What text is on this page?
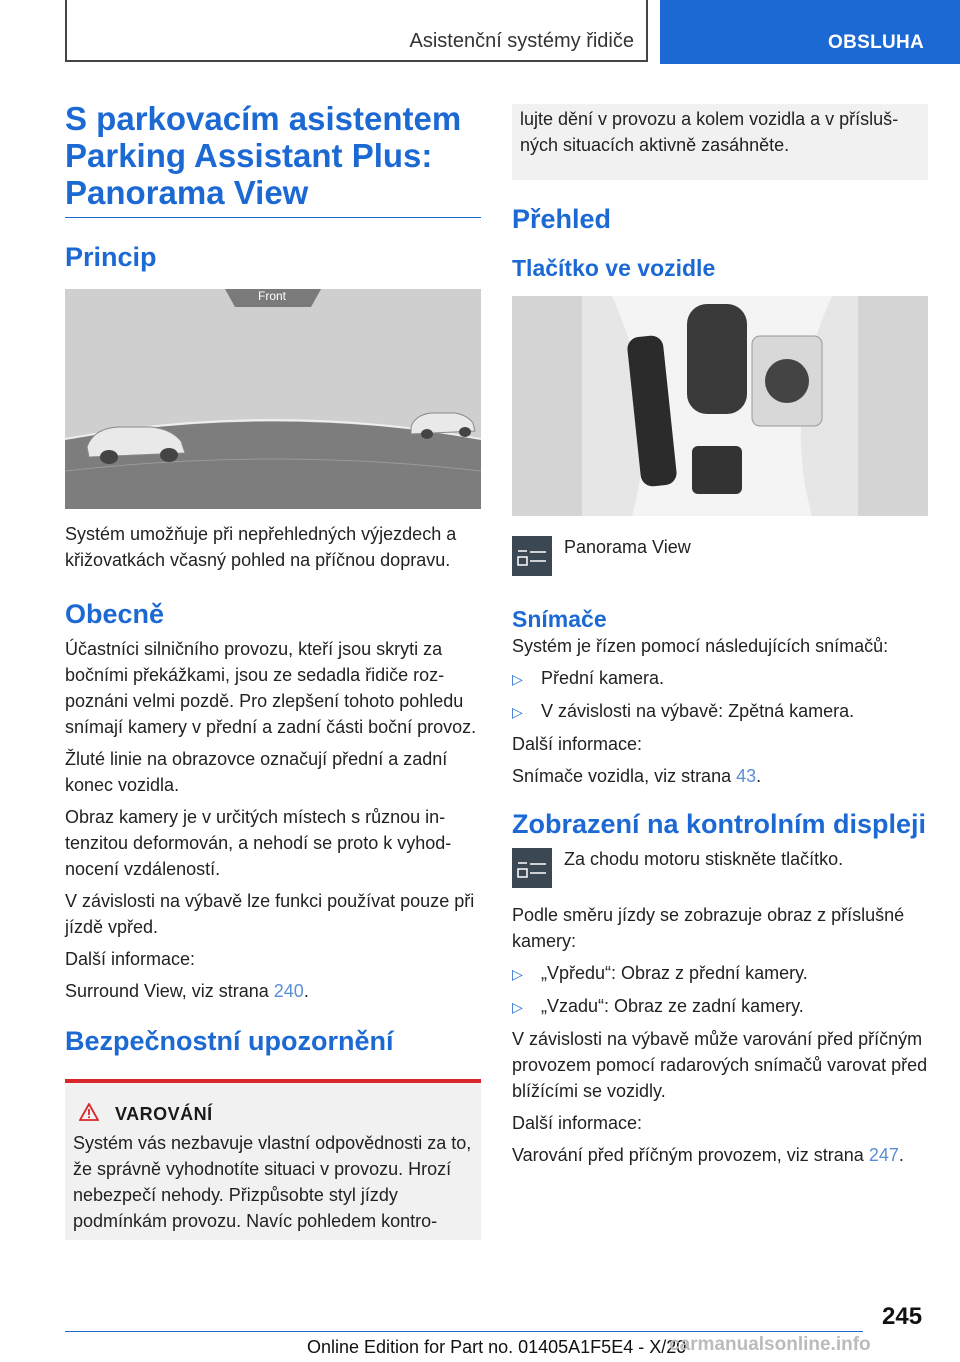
Asistenční systémy řidiče	OBSLUHA
S parkovacím asistentem Parking Assistant Plus: Panorama View
Princip
Front

Systém umožňuje při nepřehledných výjezdech a křižovatkách včasný pohled na příčnou dopravu.

Obecně

Účastníci silničního provozu, kteří jsou skryti za bočními překážkami, jsou ze sedadla řidiče rozpoznáni velmi pozdě. Pro zlepšení tohoto pohledu snímají kamery v přední a zadní části boční provoz.

Žluté linie na obrazovce označují přední a zadní konec vozidla.

Obraz kamery je v určitých místech s různou intenzitou deformován, a nehodí se proto k vyhodnocení vzdáleností.

V závislosti na výbavě lze funkci používat pouze při jízdě vpřed.

Další informace:

Surround View, viz strana 240.

Bezpečnostní upozornění
VAROVÁNÍ

Systém vás nezbavuje vlastní odpovědnosti za to, že správně vyhodnotíte situaci v provozu. Hrozí nebezpečí nehody. Přizpůsobte styl jízdy podmínkám provozu. Navíc pohledem kontro-

lujte dění v provozu a kolem vozidla a v příslušných situacích aktivně zasáhněte.

Přehled
Tlačítko ve vozidle

Panorama View

Snímače

Systém je řízen pomocí následujících snímačů:

▷	Přední kamera.
▷	V závislosti na výbavě: Zpětná kamera.

Další informace:

Snímače vozidla, viz strana 43.

Zobrazení na kontrolním displeji

Za chodu motoru stiskněte tlačítko.

Podle směru jízdy se zobrazuje obraz z příslušné kamery:

▷	„Vpředu“: Obraz z přední kamery.
▷	„Vzadu“: Obraz ze zadní kamery.

V závislosti na výbavě může varování před příčným provozem pomocí radarových snímačů varovat před blížícími se vozidly.

Další informace:

Varování před příčným provozem, viz strana 247.

245
Online Edition for Part no. 01405A1F5E4 - X/20
carmanualsonline.info
